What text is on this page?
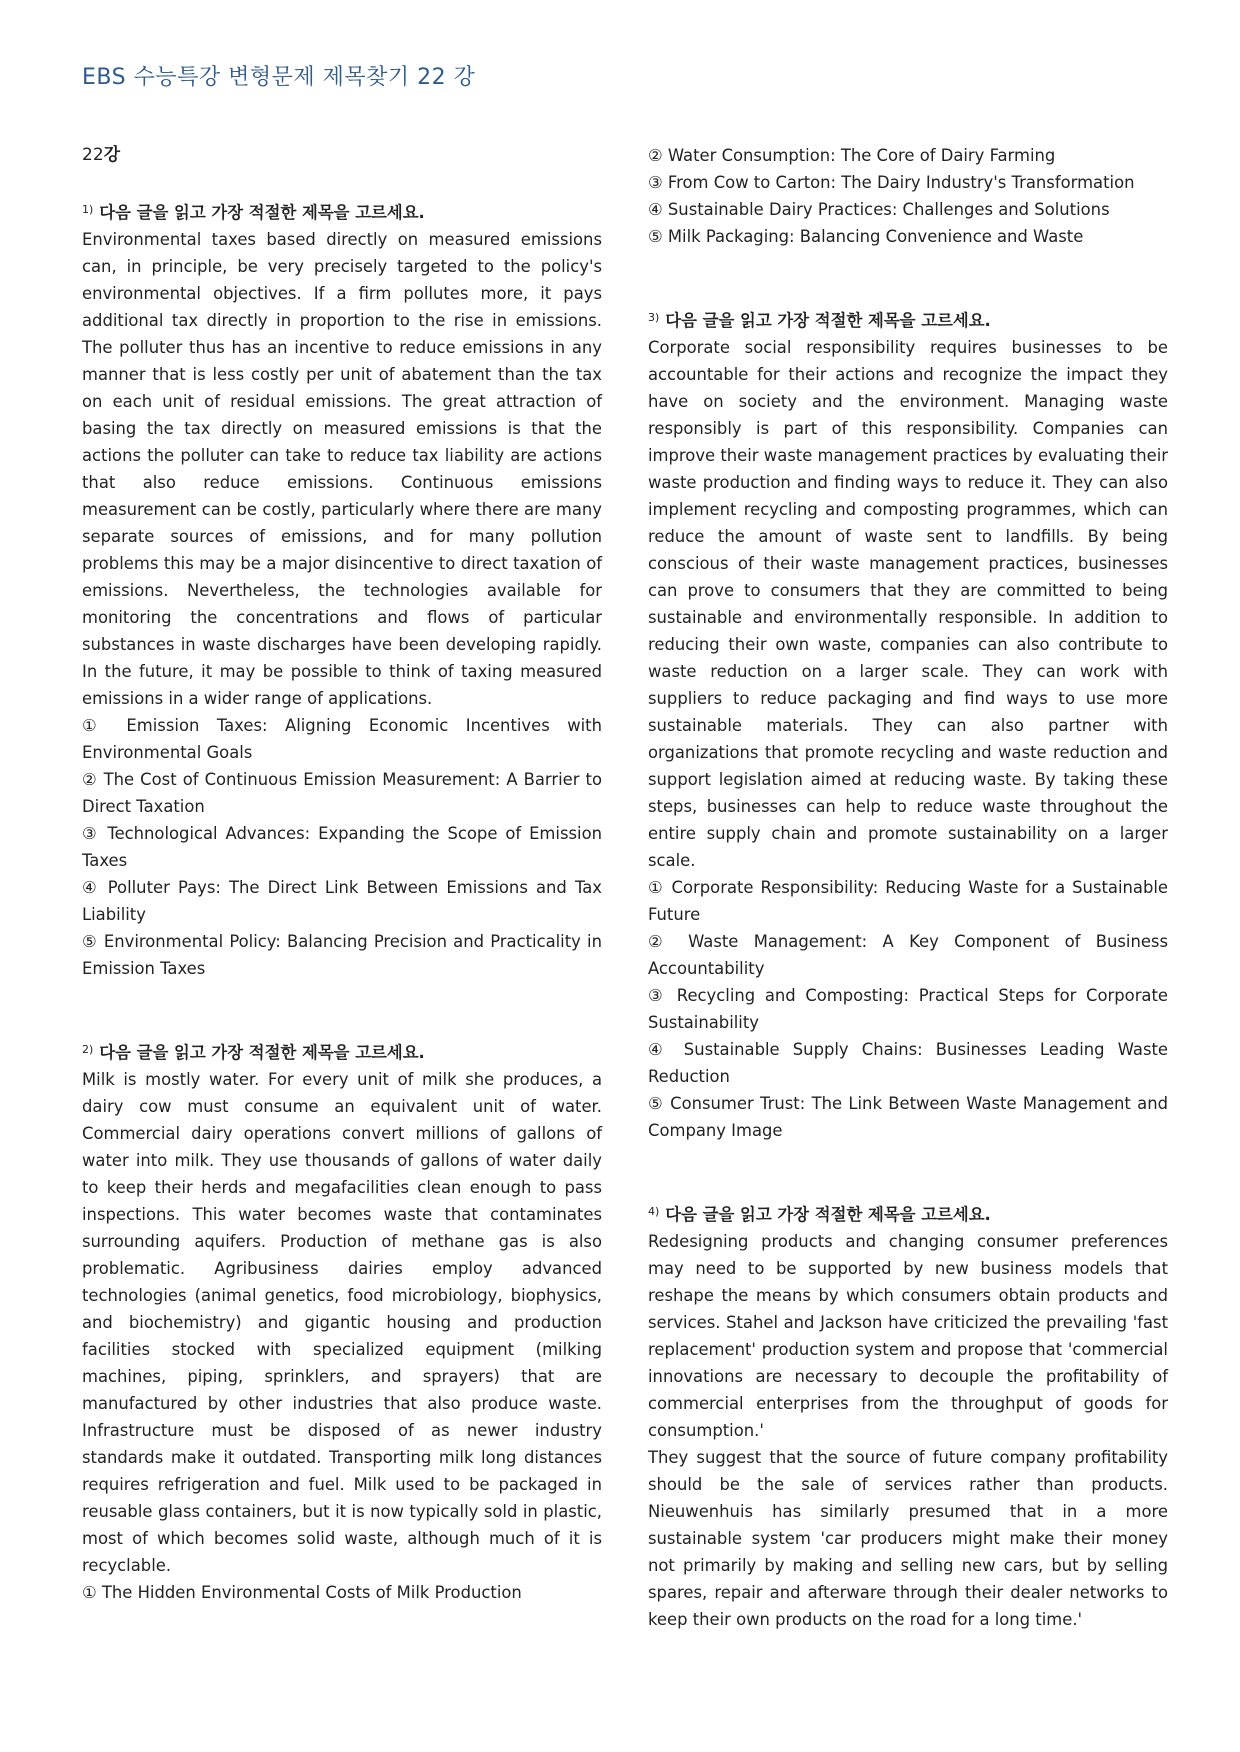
EBS 수능특강 변형문제 제목찾기 22 강

22강

$^{1)}$ 다음 글을 읽고 가장 적절한 제목을 고르세요.

Environmental taxes based directly on measured emissions can, in principle, be very precisely targeted to the policy's environmental objectives. If a firm pollutes more, it pays additional tax directly in proportion to the rise in emissions. The polluter thus has an incentive to reduce emissions in any manner that is less costly per unit of abatement than the tax on each unit of residual emissions. The great attraction of basing the tax directly on measured emissions is that the actions the polluter can take to reduce tax liability are actions that also reduce emissions. Continuous emissions measurement can be costly, particularly where there are many separate sources of emissions, and for many pollution problems this may be a major disincentive to direct taxation of emissions. Nevertheless, the technologies available for monitoring the concentrations and flows of particular substances in waste discharges have been developing rapidly. In the future, it may be possible to think of taxing measured emissions in a wider range of applications.

① Emission Taxes: Aligning Economic Incentives with Environmental Goals

② The Cost of Continuous Emission Measurement: A Barrier to Direct Taxation

③ Technological Advances: Expanding the Scope of Emission Taxes

④ Polluter Pays: The Direct Link Between Emissions and Tax Liability

⑤ Environmental Policy: Balancing Precision and Practicality in Emission Taxes

$^{2)}$ 다음 글을 읽고 가장 적절한 제목을 고르세요.

Milk is mostly water. For every unit of milk she produces, a dairy cow must consume an equivalent unit of water. Commercial dairy operations convert millions of gallons of water into milk. They use thousands of gallons of water daily to keep their herds and megafacilities clean enough to pass inspections. This water becomes waste that contaminates surrounding aquifers. Production of methane gas is also problematic. Agribusiness dairies employ advanced technologies (animal genetics, food microbiology, biophysics, and biochemistry) and gigantic housing and production facilities stocked with specialized equipment (milking machines, piping, sprinklers, and sprayers) that are manufactured by other industries that also produce waste. Infrastructure must be disposed of as newer industry standards make it outdated. Transporting milk long distances requires refrigeration and fuel. Milk used to be packaged in reusable glass containers, but it is now typically sold in plastic, most of which becomes solid waste, although much of it is recyclable.

① The Hidden Environmental Costs of Milk Production

② Water Consumption: The Core of Dairy Farming

③ From Cow to Carton: The Dairy Industry's Transformation

④ Sustainable Dairy Practices: Challenges and Solutions

⑤ Milk Packaging: Balancing Convenience and Waste

$^{3)}$ 다음 글을 읽고 가장 적절한 제목을 고르세요.

Corporate social responsibility requires businesses to be accountable for their actions and recognize the impact they have on society and the environment. Managing waste responsibly is part of this responsibility. Companies can improve their waste management practices by evaluating their waste production and finding ways to reduce it. They can also implement recycling and composting programmes, which can reduce the amount of waste sent to landfills. By being conscious of their waste management practices, businesses can prove to consumers that they are committed to being sustainable and environmentally responsible. In addition to reducing their own waste, companies can also contribute to waste reduction on a larger scale. They can work with suppliers to reduce packaging and find ways to use more sustainable materials. They can also partner with organizations that promote recycling and waste reduction and support legislation aimed at reducing waste. By taking these steps, businesses can help to reduce waste throughout the entire supply chain and promote sustainability on a larger scale.

① Corporate Responsibility: Reducing Waste for a Sustainable Future

② Waste Management: A Key Component of Business Accountability

③ Recycling and Composting: Practical Steps for Corporate Sustainability

④ Sustainable Supply Chains: Businesses Leading Waste Reduction

⑤ Consumer Trust: The Link Between Waste Management and Company Image

$^{4)}$ 다음 글을 읽고 가장 적절한 제목을 고르세요.

Redesigning products and changing consumer preferences may need to be supported by new business models that reshape the means by which consumers obtain products and services. Stahel and Jackson have criticized the prevailing 'fast replacement' production system and propose that 'commercial innovations are necessary to decouple the profitability of commercial enterprises from the throughput of goods for consumption.'

They suggest that the source of future company profitability should be the sale of services rather than products. Nieuwenhuis has similarly presumed that in a more sustainable system 'car producers might make their money not primarily by making and selling new cars, but by selling spares, repair and afterware through their dealer networks to keep their own products on the road for a long time.'
